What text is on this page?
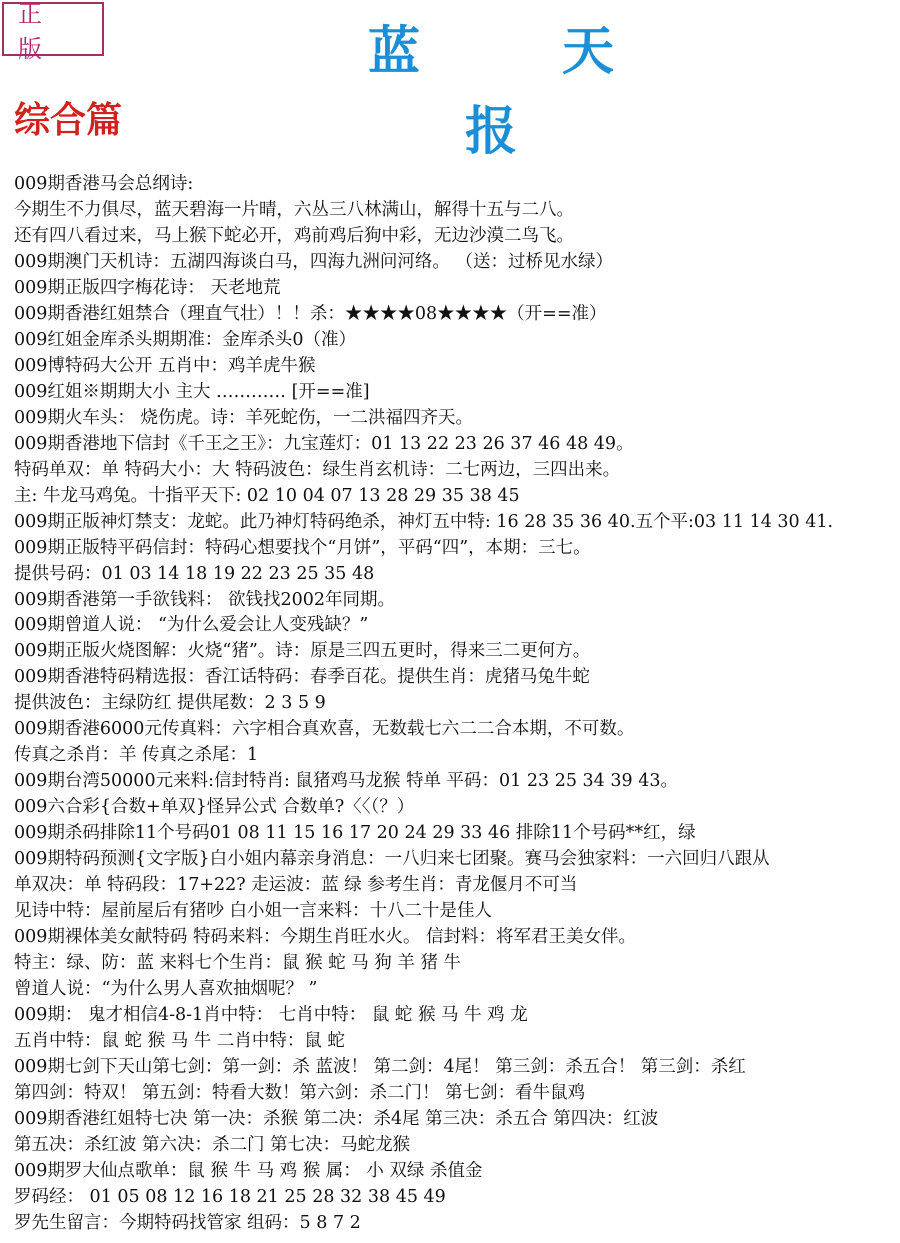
正 版	蓝 天 报
综合篇
009期香港马会总纲诗:
今期生不力俱尽，蓝天碧海一片晴，六丛三八林满山，解得十五与二八。
还有四八看过来，马上猴下蛇必开，鸡前鸡后狗中彩，无边沙漠二鸟飞。
009期澳门天机诗：五湖四海谈白马，四海九洲问河络。 （送：过桥见水绿）
009期正版四字梅花诗： 天老地荒
009期香港红姐禁合（理直气壮）！！杀：★★★★08★★★★（开==准）
009红姐金库杀头期期准：金库杀头0（准）
009博特码大公开 五肖中：鸡羊虎牛猴
009红姐※期期大小 主大 ………… [开==准]
009期火车头： 烧伤虎。诗：羊死蛇伤，一二洪福四齐天。
009期香港地下信封《千王之王》：九宝莲灯：01 13 22 23 26 37 46 48 49。
特码单双：单 特码大小：大 特码波色：绿生肖玄机诗：二七两边，三四出来。
主: 牛龙马鸡兔。十指平天下: 02 10 04 07 13 28 29 35 38 45
009期正版神灯禁支：龙蛇。此乃神灯特码绝杀，神灯五中特: 16 28 35 36 40.五个平:03 11 14 30 41.
009期正版特平码信封：特码心想要找个“月饼”，平码“四”，本期：三七。
提供号码：01 03 14 18 19 22 23 25 35 48
009期香港第一手欲钱料： 欲钱找2002年同期。
009期曾道人说： “为什么爱会让人变残缺？”
009期正版火烧图解：火烧“猪”。诗：原是三四五更时，得来三二更何方。
009期香港特码精选报：香江话特码：春季百花。提供生肖：虎猪马兔牛蛇
提供波色：主绿防红 提供尾数：2 3 5 9
009期香港6000元传真料：六字相合真欢喜，无数载七六二二合本期，不可数。
传真之杀肖：羊 传真之杀尾：1
009期台湾50000元来料:信封特肖: 鼠猪鸡马龙猴 特单 平码：01 23 25 34 39 43。
009六合彩{合数+单双}怪异公式 合数单?〈〈（？）
009期杀码排除11个号码01 08 11 15 16 17 20 24 29 33 46 排除11个号码**红，绿
009期特码预测{文字版}白小姐内幕亲身消息：一八归来七团聚。赛马会独家料：一六回归八跟从
单双决：单 特码段：17+22? 走运波：蓝 绿 参考生肖：青龙偃月不可当
见诗中特：屋前屋后有猪吵 白小姐一言来料：十八二十是佳人
009期裸体美女献特码 特码来料：今期生肖旺水火。 信封料：将军君王美女伴。
特主：绿、防：蓝 来料七个生肖：鼠 猴 蛇 马 狗 羊 猪 牛
曾道人说：“为什么男人喜欢抽烟呢？ ”
009期： 鬼才相信4-8-1肖中特： 七肖中特： 鼠 蛇 猴 马 牛 鸡 龙
五肖中特：鼠 蛇 猴 马 牛 二肖中特：鼠 蛇
009期七剑下天山第七剑：第一剑：杀 蓝波！ 第二剑：4尾！ 第三剑：杀五合！ 第三剑：杀红
第四剑：特双！ 第五剑：特看大数！第六剑：杀二门！ 第七剑：看牛鼠鸡
009期香港红姐特七决 第一决：杀猴 第二决：杀4尾 第三决：杀五合 第四决：红波
第五决：杀红波 第六决：杀二门 第七决：马蛇龙猴
009期罗大仙点歌单：鼠 猴 牛 马 鸡 猴 属： 小 双绿 杀值金
罗码经： 01 05 08 12 16 18 21 25 28 32 38 45 49
罗先生留言：今期特码找管家 组码：5 8 7 2
